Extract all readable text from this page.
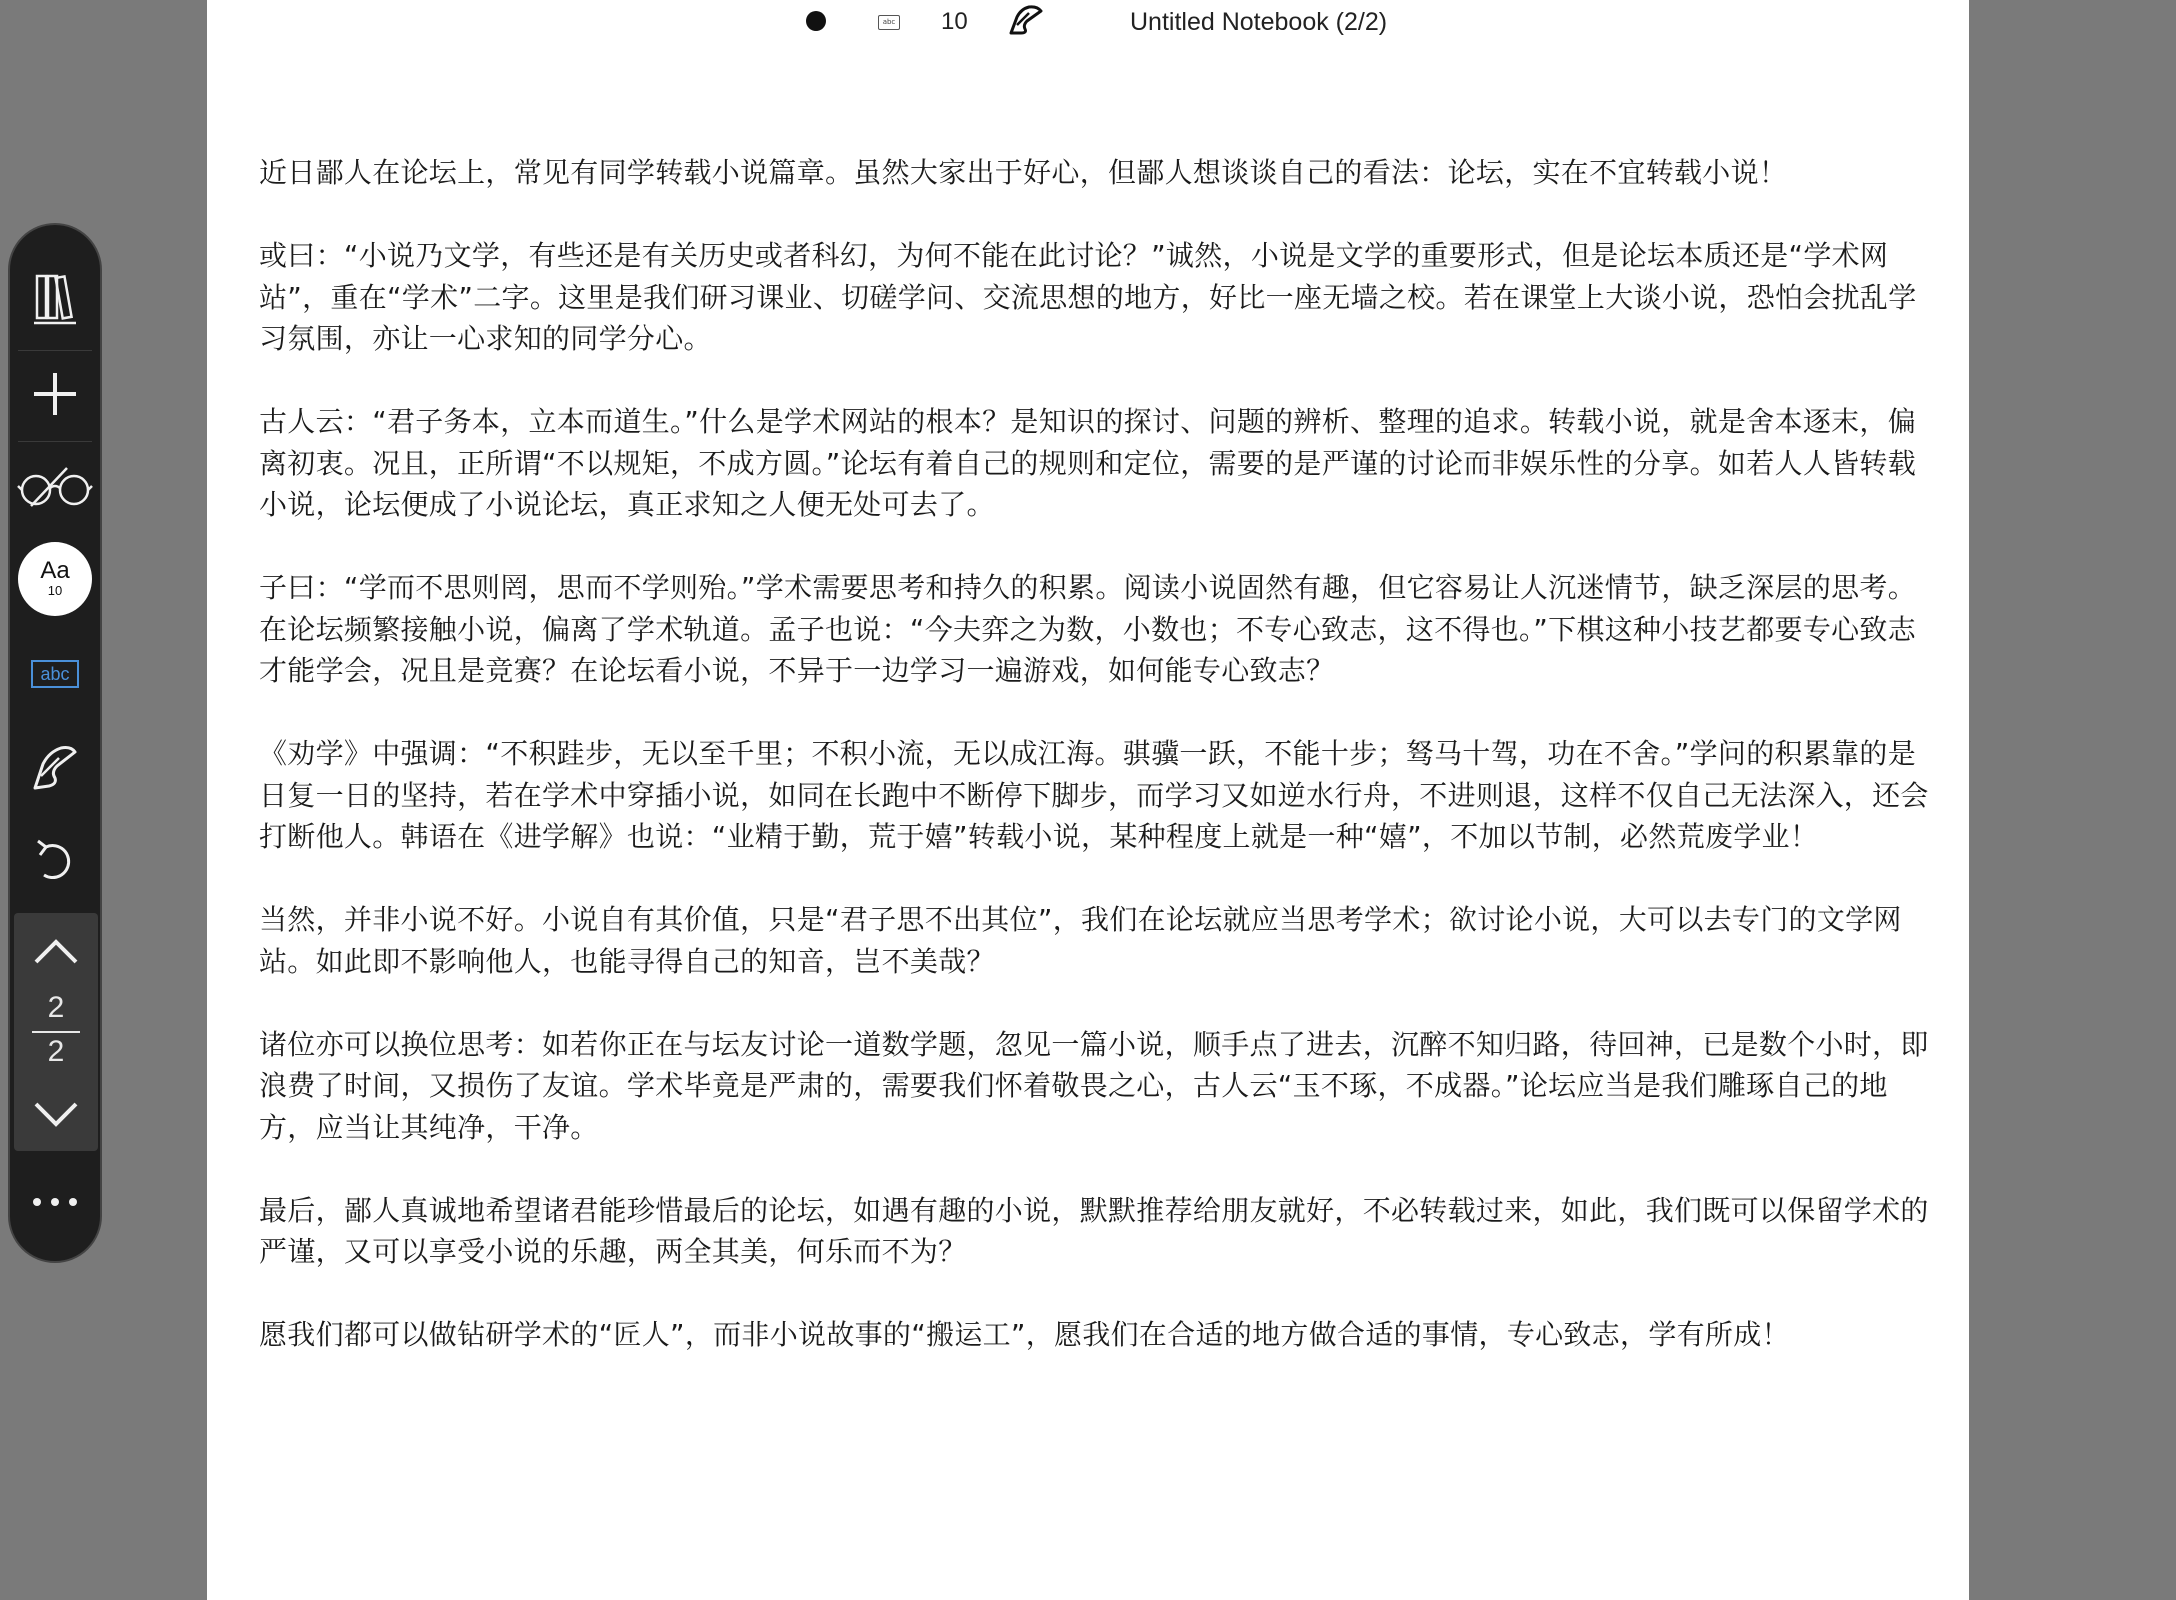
abc 10	Untitled Notebook (2/2)

近日鄙人在论坛上，常见有同学转载小说篇章。虽然大家出于好心，但鄙人想谈谈自己的看法：论坛，实在不宜转载小说！

或曰：“小说乃文学，有些还是有关历史或者科幻，为何不能在此讨论？”诚然，小说是文学的重要形式，但是论坛本质还是“学术网站”，重在“学术”二字。这里是我们研习课业、切磋学问、交流思想的地方，好比一座无墙之校。若在课堂上大谈小说，恐怕会扰乱学习氛围，亦让一心求知的同学分心。

古人云：“君子务本，立本而道生。”什么是学术网站的根本？是知识的探讨、问题的辨析、整理的追求。转载小说，就是舍本逐末，偏离初衷。况且，正所谓“不以规矩，不成方圆。”论坛有着自己的规则和定位，需要的是严谨的讨论而非娱乐性的分享。如若人人皆转载小说，论坛便成了小说论坛，真正求知之人便无处可去了。

子曰：“学而不思则罔，思而不学则殆。”学术需要思考和持久的积累。阅读小说固然有趣，但它容易让人沉迷情节，缺乏深层的思考。在论坛频繁接触小说，偏离了学术轨道。孟子也说：“今夫弈之为数，小数也；不专心致志，这不得也。”下棋这种小技艺都要专心致志才能学会，况且是竞赛？在论坛看小说，不异于一边学习一遍游戏，如何能专心致志？

《劝学》中强调：“不积跬步，无以至千里；不积小流，无以成江海。骐骥一跃，不能十步；驽马十驾，功在不舍。”学问的积累靠的是日复一日的坚持，若在学术中穿插小说，如同在长跑中不断停下脚步，而学习又如逆水行舟，不进则退，这样不仅自己无法深入，还会打断他人。韩语在《进学解》也说：“业精于勤，荒于嬉”转载小说，某种程度上就是一种“嬉”，不加以节制，必然荒废学业！

当然，并非小说不好。小说自有其价值，只是“君子思不出其位”，我们在论坛就应当思考学术；欲讨论小说，大可以去专门的文学网站。如此即不影响他人，也能寻得自己的知音，岂不美哉？

诸位亦可以换位思考：如若你正在与坛友讨论一道数学题，忽见一篇小说，顺手点了进去，沉醉不知归路，待回神，已是数个小时，即浪费了时间，又损伤了友谊。学术毕竟是严肃的，需要我们怀着敬畏之心，古人云“玉不琢，不成器。”论坛应当是我们雕琢自己的地方，应当让其纯净，干净。

最后，鄙人真诚地希望诸君能珍惜最后的论坛，如遇有趣的小说，默默推荐给朋友就好，不必转载过来，如此，我们既可以保留学术的严谨，又可以享受小说的乐趣，两全其美，何乐而不为？

愿我们都可以做钻研学术的“匠人”，而非小说故事的“搬运工”，愿我们在合适的地方做合适的事情，专心致志，学有所成！

Aa
10
abc
2
2
